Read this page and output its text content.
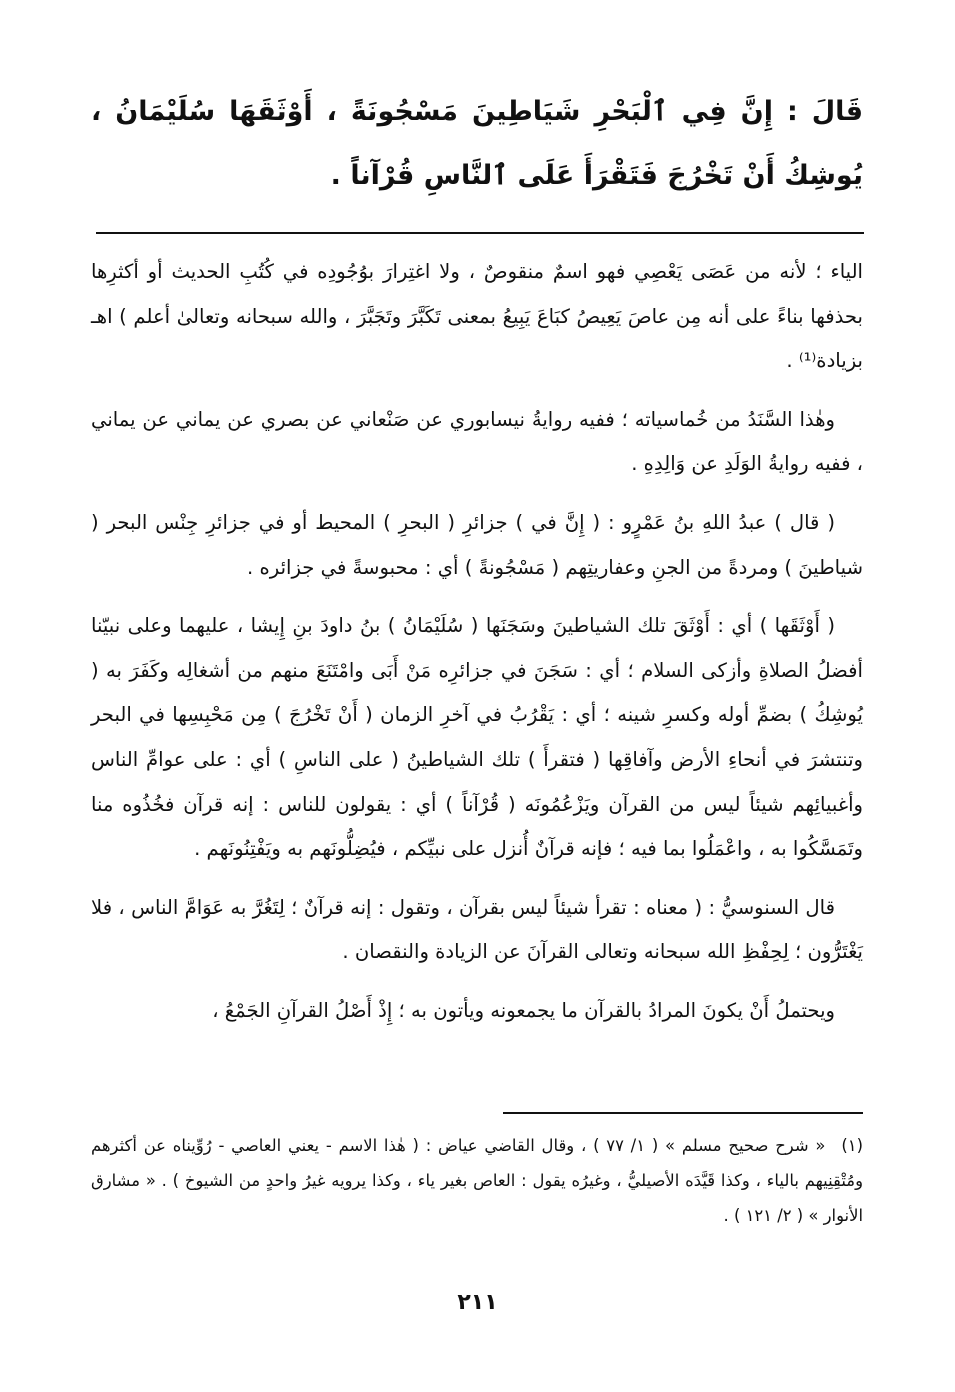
قَالَ : إِنَّ فِي ٱلْبَحْرِ شَيَاطِينَ مَسْجُونَةً ، أَوْثَقَهَا سُلَيْمَانُ ، يُوشِكُ أَنْ تَخْرُجَ فَتَقْرَأَ عَلَى ٱلنَّاسِ قُرْآناً .

الياء ؛ لأنه من عَصَى يَعْصِي فهو اسمٌ منقوصٌ ، ولا اغتِرارَ بوُجُودِه في كُتُبِ الحديث أو أكثرِها بحذفها بناءً على أنه مِن عاصَ يَعِيصُ كبَاعَ يَبِيعُ بمعنى تَكَبَّرَ وتَجَبَّرَ ، والله سبحانه وتعالىٰ أعلم ) اهـ بزيادة⁽¹⁾ .

وهٰذا السَّنَدُ من خُماسياته ؛ ففيه روايةُ نيسابوري عن صَنْعاني عن بصري عن يماني عن يماني ، ففيه روايةُ الوَلَدِ عن وَالِدِهِ .

( قال ) عبدُ اللهِ بنُ عَمْرٍو : ( إِنَّ في ) جزائرِ ( البحرِ ) المحيط أو في جزائرِ جِنْس البحر ( شياطينَ ) ومردةً من الجنِ وعفاريتِهم ( مَسْجُونةً ) أي : محبوسةً في جزائره .

( أَوْثَقَها ) أي : أَوْثَقَ تلك الشياطينَ وسَجَنَها ( سُلَيْمَانُ ) بنُ داودَ بنِ إِيشا ، عليهما وعلى نبيّنا أفضلُ الصلاةِ وأزكى السلام ؛ أي : سَجَنَ في جزائرِه مَنْ أَبَى وامْتَنَعَ منهم من أشغالِه وكَفَرَ به ( يُوشِكُ ) بضمِّ أوله وكسرِ شينه ؛ أي : يَقْرُبُ في آخرِ الزمان ( أَنْ تَخْرُجَ ) مِن مَحْبِسِها في البحر وتنتشرَ في أنحاءِ الأرض وآفاقِها ( فتقرأَ ) تلك الشياطينُ ( على الناسِ ) أي : على عوامِّ الناس وأغبيائِهم شيئاً ليس من القرآن ويَزْعُمُونَه ( قُرْآناً ) أي : يقولون للناس : إنه قرآن فخُذُوه منا وتَمَسَّكُوا به ، واعْمَلُوا بما فيه ؛ فإنه قرآنٌ أُنزل على نبيِّكم ، فيُضِلُّونَهم به ويَفْتِنُونَهم .

قال السنوسيُّ : ( معناه : تقرأ شيئاً ليس بقرآن ، وتقول : إنه قرآنٌ ؛ لِتَغُرَّ به عَوَامَّ الناس ، فلا يَغْتَرُّون ؛ لِحِفْظِ الله سبحانه وتعالى القرآنَ عن الزيادة والنقصان .

ويحتملُ أَنْ يكونَ المرادُ بالقرآن ما يجمعونه ويأتون به ؛ إِذْ أَصْلُ القرآنِ الجَمْعُ ،

(١)« شرح صحيح مسلم » ( ١/ ٧٧ ) ، وقال القاضي عياض : ( هٰذا الاسم - يعني العاصي - رُوِّيناه عن أكثرهم ومُتْقِنِيهم بالياء ، وكذا قَيَّدَه الأصيليُّ ، وغيرُه يقول : العاص بغير ياء ، وكذا يرويه غيرُ واحدٍ من الشيوخ ) . « مشارق الأنوار » ( ٢/ ١٢١ ) .
٢١١
